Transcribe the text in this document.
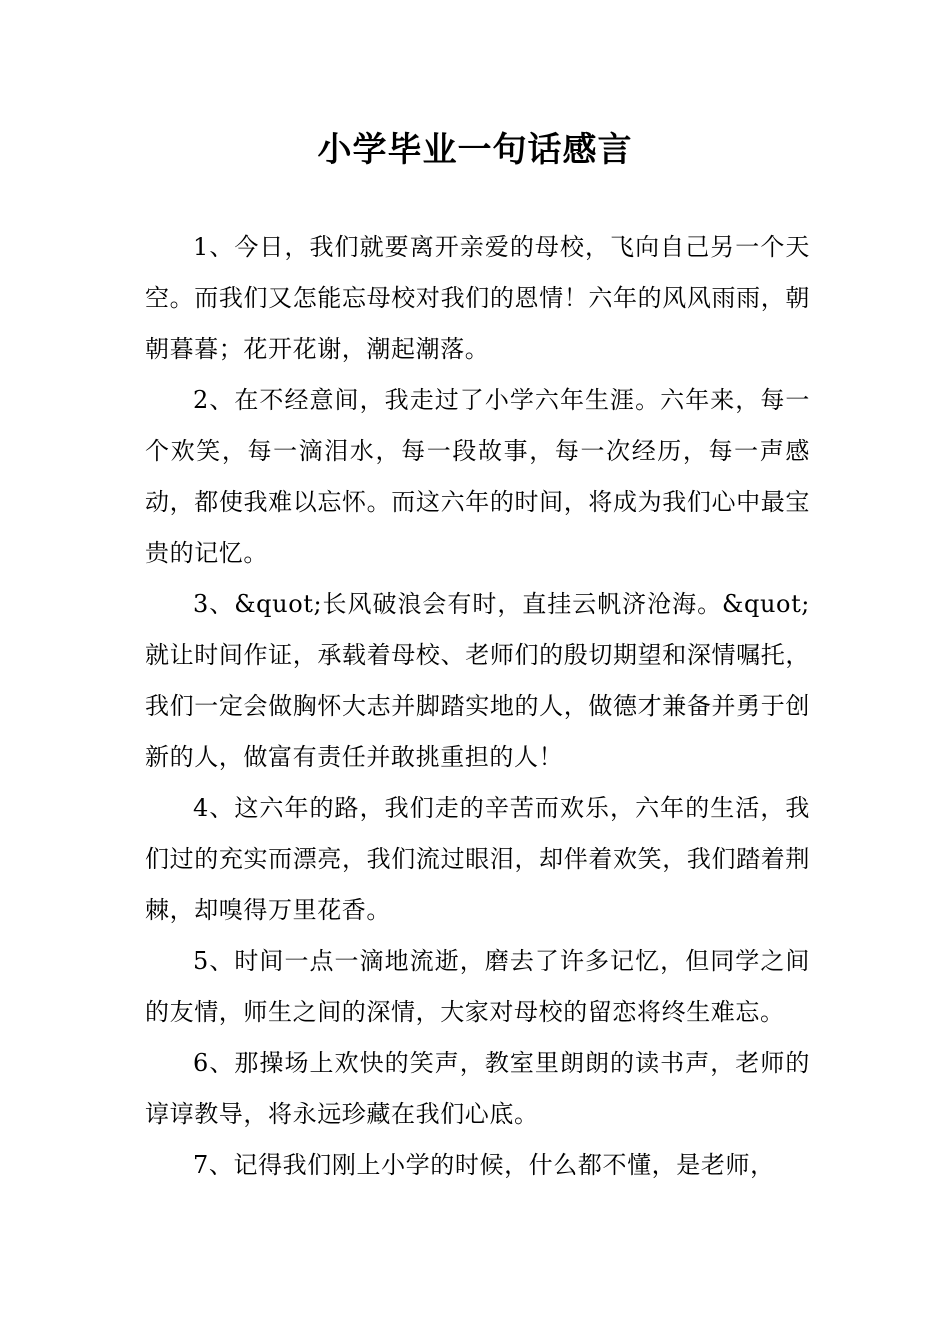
小学毕业一句话感言

1、今日，我们就要离开亲爱的母校，飞向自己另一个天空。而我们又怎能忘母校对我们的恩情！六年的风风雨雨，朝朝暮暮；花开花谢，潮起潮落。

2、在不经意间，我走过了小学六年生涯。六年来，每一个欢笑，每一滴泪水，每一段故事，每一次经历，每一声感动，都使我难以忘怀。而这六年的时间，将成为我们心中最宝贵的记忆。

3、&quot;长风破浪会有时，直挂云帆济沧海。&quot;就让时间作证，承载着母校、老师们的殷切期望和深情嘱托，我们一定会做胸怀大志并脚踏实地的人，做德才兼备并勇于创新的人，做富有责任并敢挑重担的人！

4、这六年的路，我们走的辛苦而欢乐，六年的生活，我们过的充实而漂亮，我们流过眼泪，却伴着欢笑，我们踏着荆棘，却嗅得万里花香。

5、时间一点一滴地流逝，磨去了许多记忆，但同学之间的友情，师生之间的深情，大家对母校的留恋将终生难忘。

6、那操场上欢快的笑声，教室里朗朗的读书声，老师的谆谆教导，将永远珍藏在我们心底。

7、记得我们刚上小学的时候，什么都不懂，是老师，
